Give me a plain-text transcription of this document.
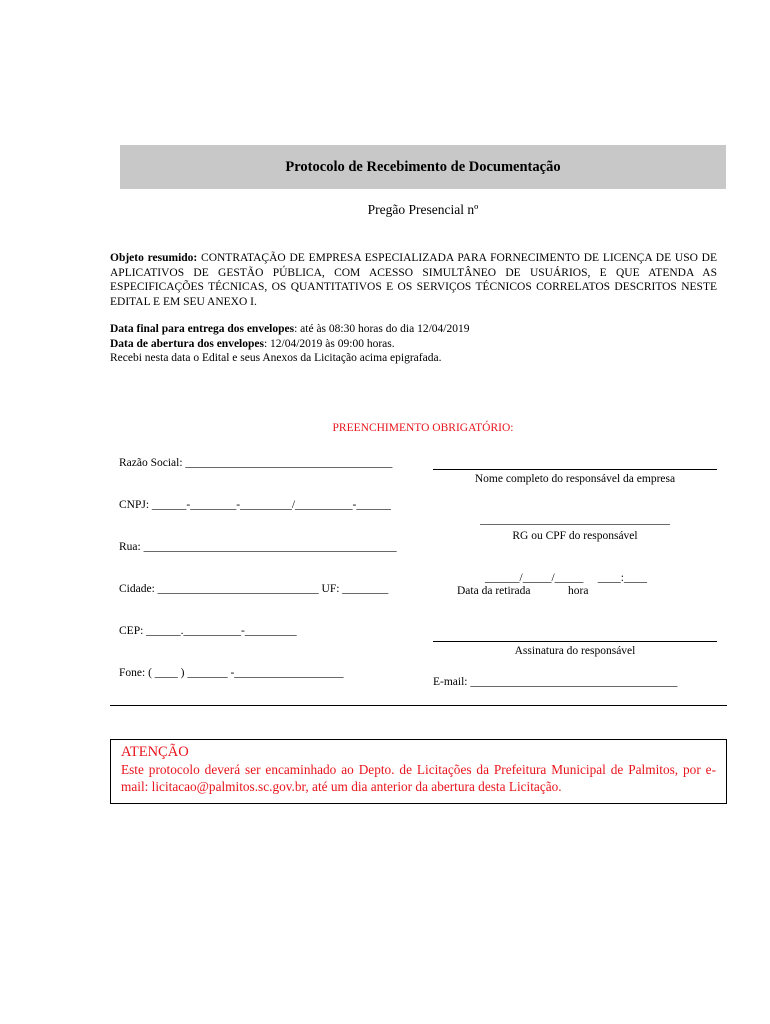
Protocolo de Recebimento de Documentação
Pregão Presencial nº
Objeto resumido: CONTRATAÇÃO DE EMPRESA ESPECIALIZADA PARA FORNECIMENTO DE LICENÇA DE USO DE APLICATIVOS DE GESTÃO PÚBLICA, COM ACESSO SIMULTÂNEO DE USUÁRIOS, E QUE ATENDA AS ESPECIFICAÇÕES TÉCNICAS, OS QUANTITATIVOS E OS SERVIÇOS TÉCNICOS CORRELATOS DESCRITOS NESTE EDITAL E EM SEU ANEXO I.
Data final para entrega dos envelopes: até às 08:30 horas do dia 12/04/2019
Data de abertura dos envelopes: 12/04/2019 às 09:00 horas.
Recebi nesta data o Edital e seus Anexos da Licitação acima epigrafada.
PREENCHIMENTO OBRIGATÓRIO:
Razão Social: ____________________________________
CNPJ: ______-________-_________/__________-______
Rua: ____________________________________________
Cidade: ____________________________ UF: ________
CEP: ______.__________-_________
Fone: ( ____ ) _______ -___________________
Nome completo do responsável da empresa
_________________________________
RG ou CPF do responsável
______/_____/_____     ____:____
Data da retirada	hora
Assinatura do responsável
E-mail: ____________________________________
ATENÇÃO
Este protocolo deverá ser encaminhado ao Depto. de Licitações da Prefeitura Municipal de Palmitos, por e-mail: licitacao@palmitos.sc.gov.br, até um dia anterior da abertura desta Licitação.
